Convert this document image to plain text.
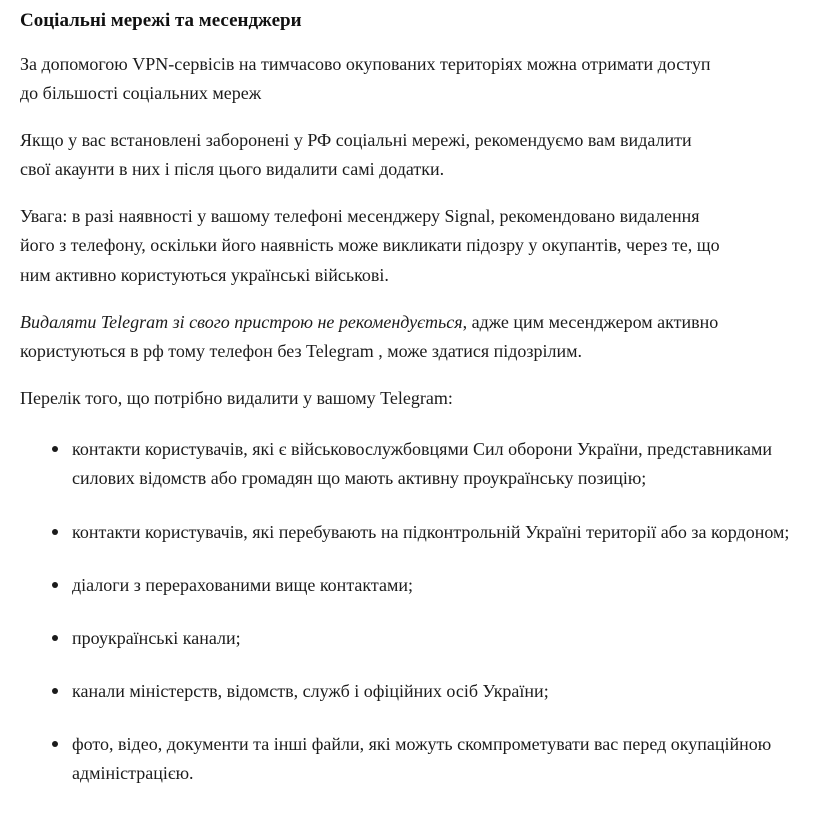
Соціальні мережі та месенджери

За допомогою VPN-сервісів на тимчасово окупованих територіях можна отримати доступ до більшості соціальних мереж

Якщо у вас встановлені заборонені у РФ соціальні мережі, рекомендуємо вам видалити свої акаунти в них і після цього видалити самі додатки.

Увага: в разі наявності у вашому телефоні месенджеру Signal, рекомендовано видалення його з телефону, оскільки його наявність може викликати підозру у окупантів, через те, що ним активно користуються українські військові.

Видаляти Telegram зі свого пристрою не рекомендується, адже цим месенджером активно користуються в рф тому телефон без Telegram , може здатися підозрілим.

Перелік того, що потрібно видалити у вашому Telegram:

контакти користувачів, які є військовослужбовцями Сил оборони України, представниками силових відомств або громадян що мають активну проукраїнську позицію;
контакти користувачів, які перебувають на підконтрольній Україні території або за кордоном;
діалоги з перерахованими вище контактами;
проукраїнські канали;
канали міністерств, відомств, служб і офіційних осіб України;
фото, відео, документи та інші файли, які можуть скомпрометувати вас перед окупаційною адміністрацією.
